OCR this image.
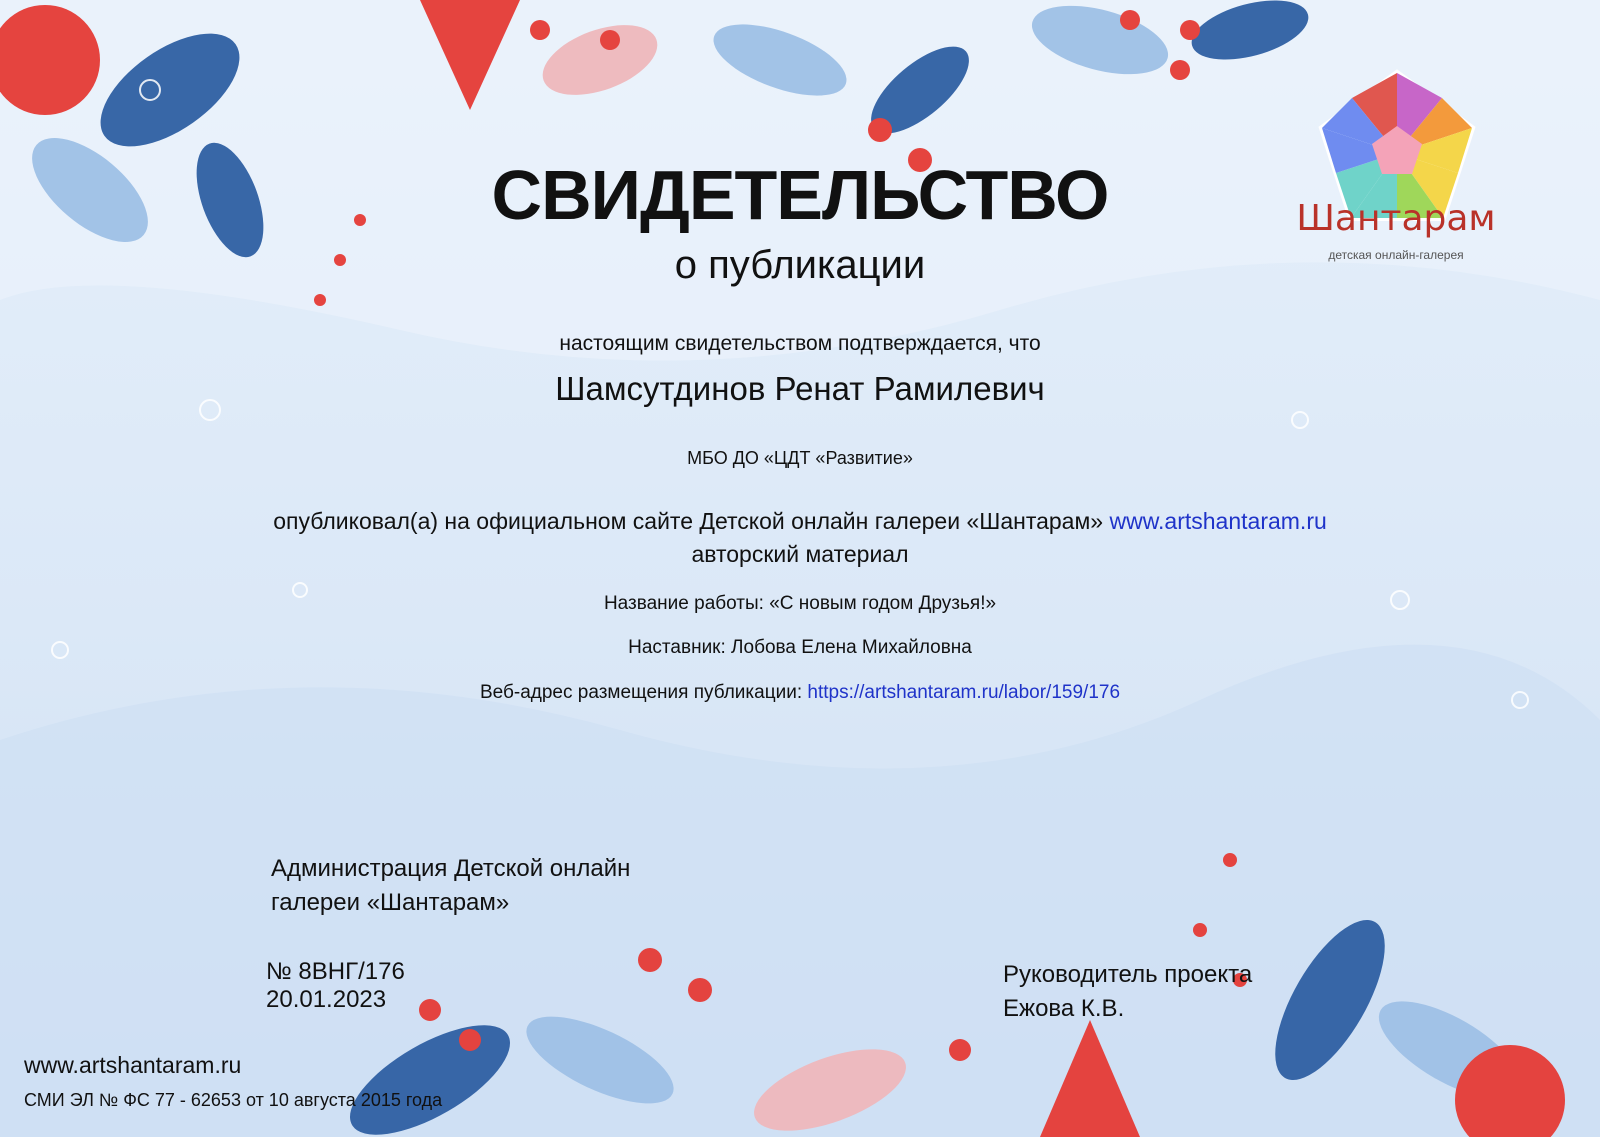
Шантарам
детская онлайн-галерея
СВИДЕТЕЛЬСТВО
о публикации
настоящим свидетельством подтверждается, что
Шамсутдинов Ренат Рамилевич
МБО ДО «ЦДТ «Развитие»
опубликовал(а) на официальном сайте Детской онлайн галереи «Шантарам» www.artshantaram.ru
авторский материал
Название работы: «С новым годом Друзья!»
Наставник: Лобова Елена Михайловна
Веб-адрес размещения публикации: https://artshantaram.ru/labor/159/176
Администрация Детской онлайн
галереи «Шантарам»
№ 8ВНГ/176
20.01.2023
Руководитель проекта
Ежова К.В.
www.artshantaram.ru
СМИ ЭЛ № ФС 77 - 62653 от 10 августа 2015 года
